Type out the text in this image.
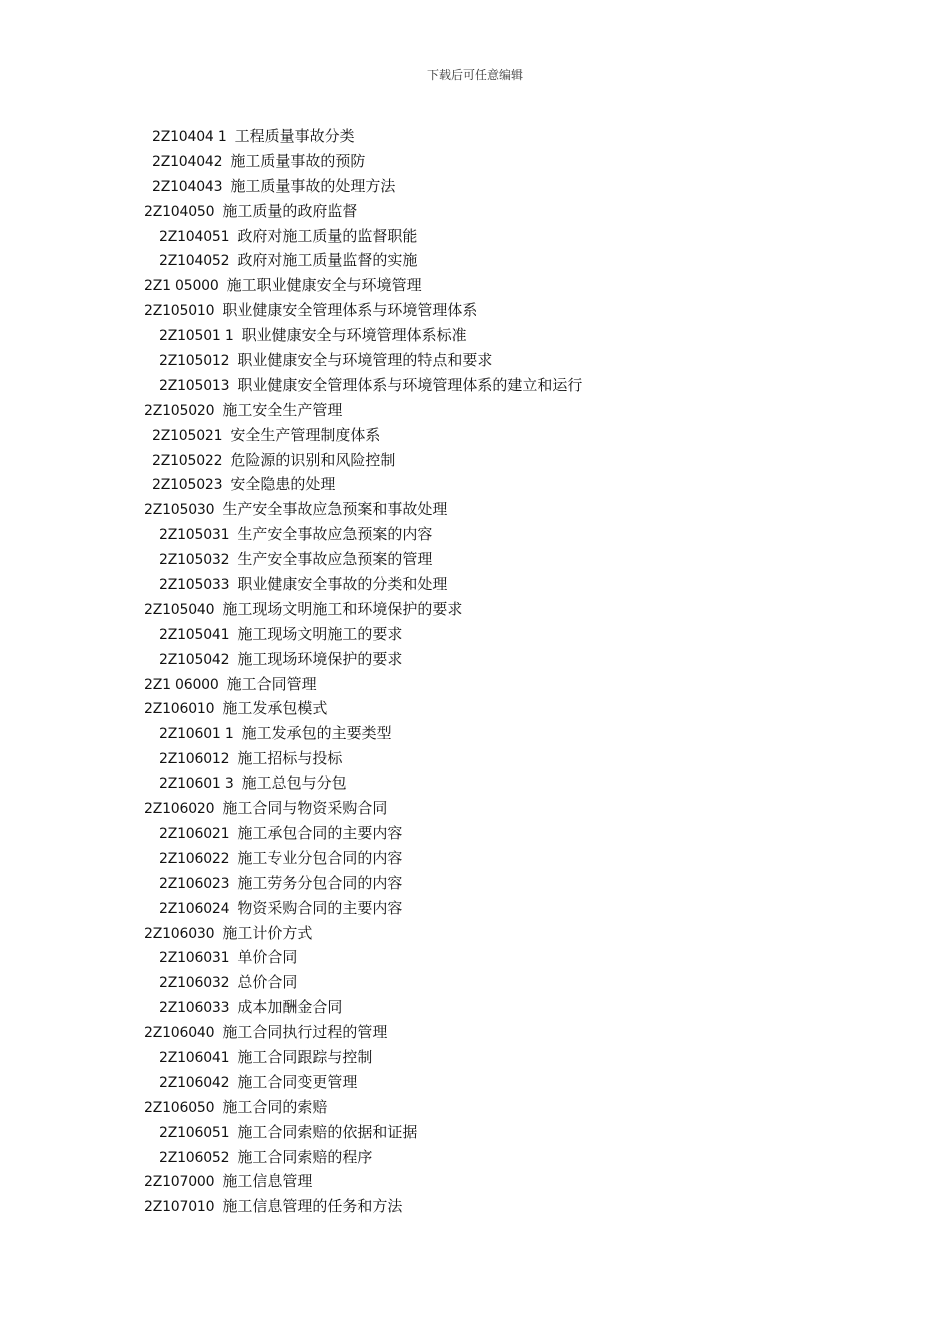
下载后可任意编辑
2Z10404 1 工程质量事故分类
2Z104042 施工质量事故的预防
2Z104043 施工质量事故的处理方法
2Z104050 施工质量的政府监督
2Z104051 政府对施工质量的监督职能
2Z104052 政府对施工质量监督的实施
2Z1 05000 施工职业健康安全与环境管理
2Z105010 职业健康安全管理体系与环境管理体系
2Z10501 1 职业健康安全与环境管理体系标准
2Z105012 职业健康安全与环境管理的特点和要求
2Z105013 职业健康安全管理体系与环境管理体系的建立和运行
2Z105020 施工安全生产管理
2Z105021 安全生产管理制度体系
2Z105022 危险源的识别和风险控制
2Z105023 安全隐患的处理
2Z105030 生产安全事故应急预案和事故处理
2Z105031 生产安全事故应急预案的内容
2Z105032 生产安全事故应急预案的管理
2Z105033 职业健康安全事故的分类和处理
2Z105040 施工现场文明施工和环境保护的要求
2Z105041 施工现场文明施工的要求
2Z105042 施工现场环境保护的要求
2Z1 06000 施工合同管理
2Z106010 施工发承包模式
2Z10601 1 施工发承包的主要类型
2Z106012 施工招标与投标
2Z10601 3 施工总包与分包
2Z106020 施工合同与物资采购合同
2Z106021 施工承包合同的主要内容
2Z106022 施工专业分包合同的内容
2Z106023 施工劳务分包合同的内容
2Z106024 物资采购合同的主要内容
2Z106030 施工计价方式
2Z106031 单价合同
2Z106032 总价合同
2Z106033 成本加酬金合同
2Z106040 施工合同执行过程的管理
2Z106041 施工合同跟踪与控制
2Z106042 施工合同变更管理
2Z106050 施工合同的索赔
2Z106051 施工合同索赔的依据和证据
2Z106052 施工合同索赔的程序
2Z107000 施工信息管理
2Z107010 施工信息管理的任务和方法
